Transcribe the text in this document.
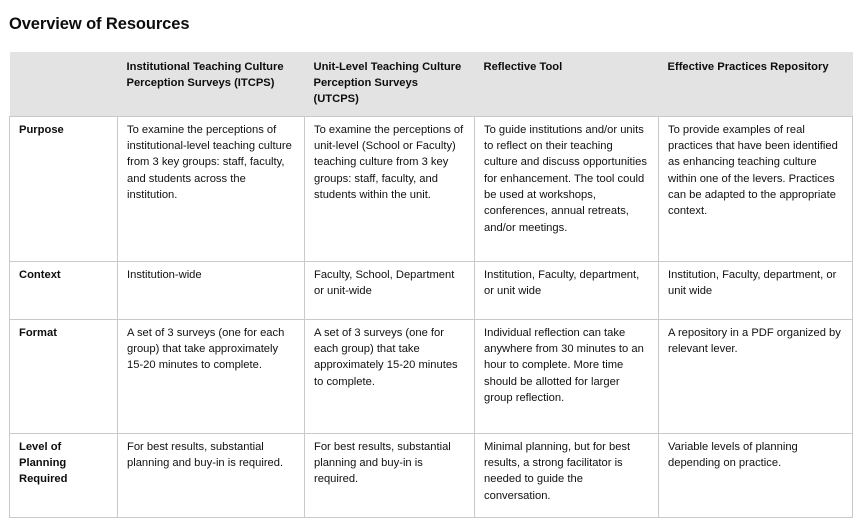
Overview of Resources
	Institutional Teaching Culture Perception Surveys (ITCPS)	Unit-Level Teaching Culture Perception Surveys (UTCPS)	Reflective Tool	Effective Practices Repository
Purpose	To examine the perceptions of institutional-level teaching culture from 3 key groups: staff, faculty, and students across the institution.	To examine the perceptions of unit-level (School or Faculty) teaching culture from 3 key groups: staff, faculty, and students within the unit.	To guide institutions and/or units to reflect on their teaching culture and discuss opportunities for enhancement. The tool could be used at workshops, conferences, annual retreats, and/or meetings.	To provide examples of real practices that have been identified as enhancing teaching culture within one of the levers. Practices can be adapted to the appropriate context.
Context	Institution-wide	Faculty, School, Department or unit-wide	Institution, Faculty, department, or unit wide	Institution, Faculty, department, or unit wide
Format	A set of 3 surveys (one for each group) that take approximately 15-20 minutes to complete.	A set of 3 surveys (one for each group) that take approximately 15-20 minutes to complete.	Individual reflection can take anywhere from 30 minutes to an hour to complete. More time should be allotted for larger group reflection.	A repository in a PDF organized by relevant lever.
Level of Planning Required	For best results, substantial planning and buy-in is required.	For best results, substantial planning and buy-in is required.	Minimal planning, but for best results, a strong facilitator is needed to guide the conversation.	Variable levels of planning depending on practice.
